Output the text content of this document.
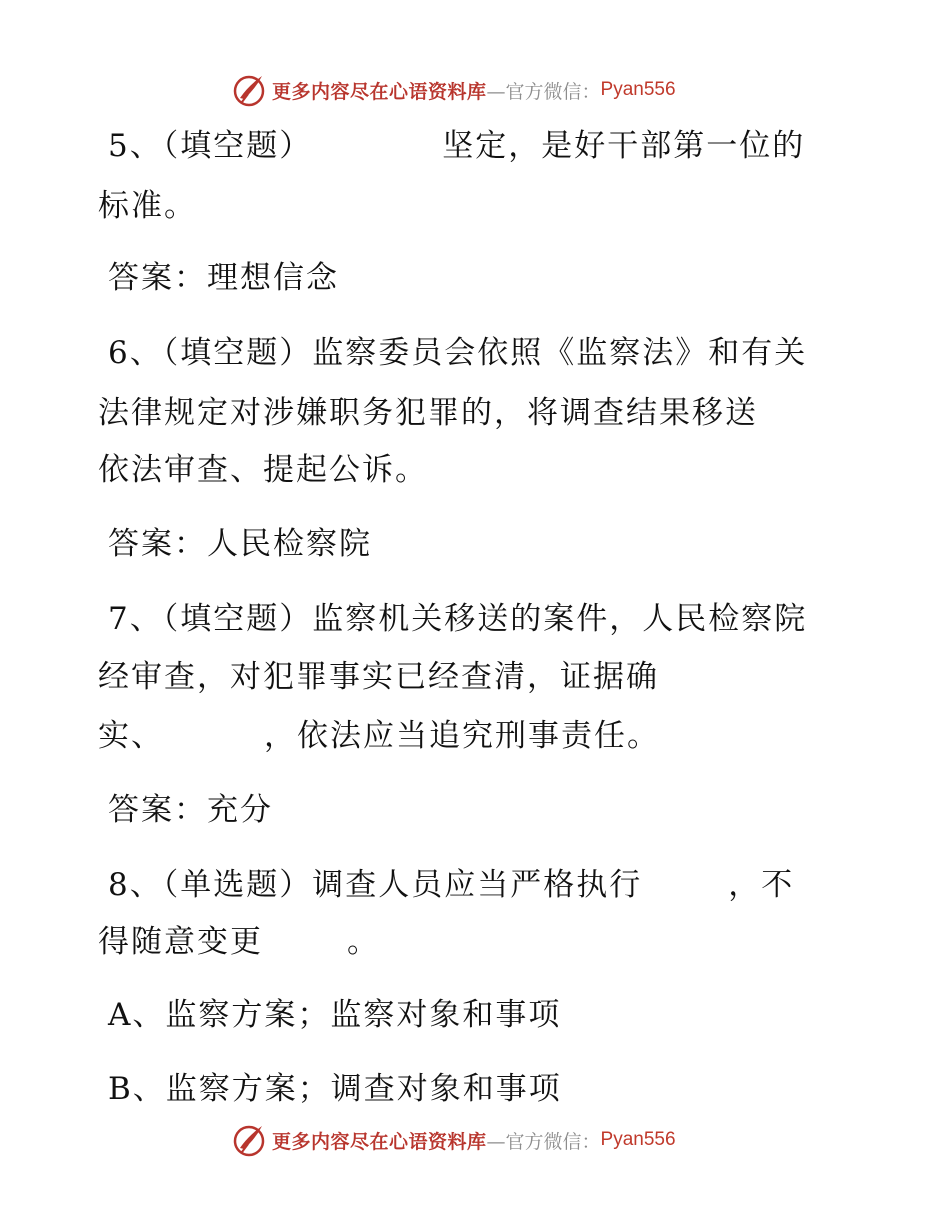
更多内容尽在心语资料库 —官方微信： Pyan556
5、（填空题）	坚定，是好干部第一位的
标准。
答案：理想信念
6、（填空题）监察委员会依照《监察法》和有关
法律规定对涉嫌职务犯罪的，将调查结果移送
依法审查、提起公诉。
答案：人民检察院
7、（填空题）监察机关移送的案件，人民检察院
经审查，对犯罪事实已经查清，证据确
实、	，依法应当追究刑事责任。
答案：充分
8、（单选题）调查人员应当严格执行	，不
得随意变更	。
A、监察方案；监察对象和事项
B、监察方案；调查对象和事项
更多内容尽在心语资料库 —官方微信： Pyan556
